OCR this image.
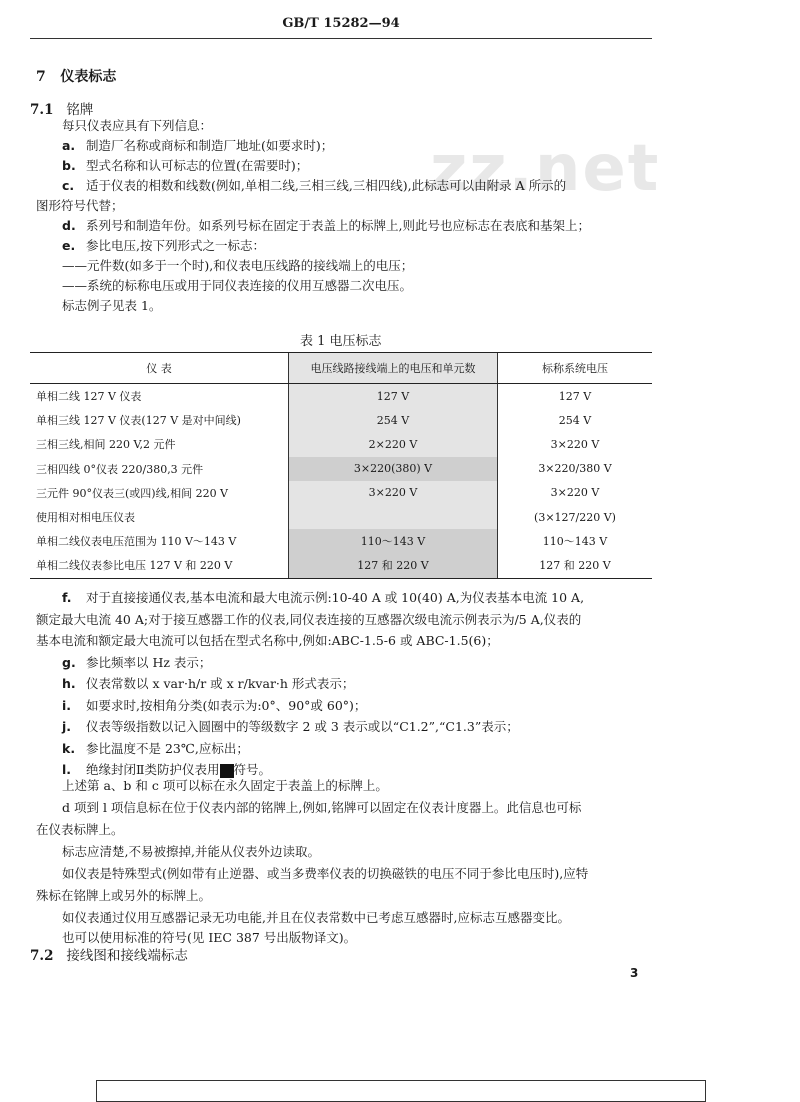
GB/T 15282—94
zz.net
7 仪表标志
7.1 铭牌
每只仪表应具有下列信息：
a. 制造厂名称或商标和制造厂地址(如要求时)；
b. 型式名称和认可标志的位置(在需要时)；
c. 适于仪表的相数和线数(例如,单相二线,三相三线,三相四线),此标志可以由附录 A 所示的
图形符号代替；
d. 系列号和制造年份。如系列号标在固定于表盖上的标牌上,则此号也应标志在表底和基架上；
e. 参比电压,按下列形式之一标志：
——元件数(如多于一个时),和仪表电压线路的接线端上的电压；
——系统的标称电压或用于同仪表连接的仪用互感器二次电压。
标志例子见表 1。
表 1 电压标志
仪 表	电压线路接线端上的电压和单元数	标称系统电压
单相二线 127 V 仪表	127 V	127 V
单相三线 127 V 仪表(127 V 是对中间线)	254 V	254 V
三相三线,相间 220 V,2 元件	2×220 V	3×220 V
三相四线 0°仪表 220/380,3 元件	3×220(380) V	3×220/380 V
三元件 90°仪表三(或四)线,相间 220 V	3×220 V	3×220 V
使用相对相电压仪表		(3×127/220 V)
单相二线仪表电压范围为 110 V～143 V	110～143 V	110～143 V
单相二线仪表参比电压 127 V 和 220 V	127 和 220 V	127 和 220 V
f. 对于直接接通仪表,基本电流和最大电流示例:10-40 A 或 10(40) A,为仪表基本电流 10 A,
额定最大电流 40 A;对于接互感器工作的仪表,同仪表连接的互感器次级电流示例表示为/5 A,仪表的
基本电流和额定最大电流可以包括在型式名称中,例如:ABC-1.5-6 或 ABC-1.5(6)；
g. 参比频率以 Hz 表示；
h. 仪表常数以 x var·h/r 或 x r/kvar·h 形式表示；
i. 如要求时,按相角分类(如表示为:0°、90°或 60°)；
j. 仪表等级指数以记入圆圈中的等级数字 2 或 3 表示或以“C1.2”,“C1.3”表示；
k. 参比温度不是 23℃,应标出；
l. 绝缘封闭Ⅱ类防护仪表用 符号。
上述第 a、b 和 c 项可以标在永久固定于表盖上的标牌上。
d 项到 l 项信息标在位于仪表内部的铭牌上,例如,铭牌可以固定在仪表计度器上。此信息也可标
在仪表标牌上。
标志应清楚,不易被擦掉,并能从仪表外边读取。
如仪表是特殊型式(例如带有止逆器、或当多费率仪表的切换磁铁的电压不同于参比电压时),应特
殊标在铭牌上或另外的标牌上。
如仪表通过仪用互感器记录无功电能,并且在仪表常数中已考虑互感器时,应标志互感器变比。
也可以使用标准的符号(见 IEC 387 号出版物译文)。
7.2 接线图和接线端标志
3
